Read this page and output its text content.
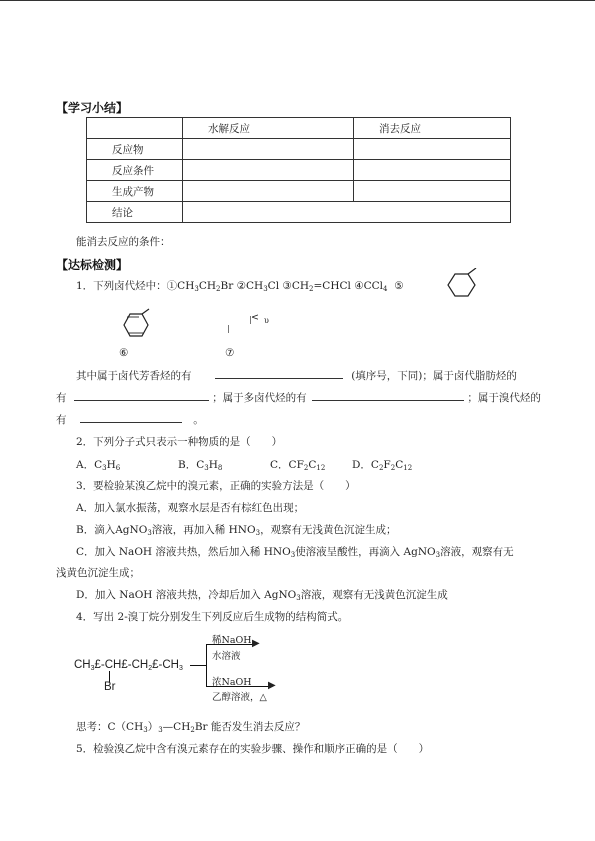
【学习小结】
	水解反应	消去反应
反应物		
反应条件		
生成产物		
结论		
能消去反应的条件：
【达标检测】
1．下列卤代烃中：$①CH_3CH_2Br$ $②CH_3Cl$ $③CH_2=CHCl$ ④CCl$_4$ ⑤
⑥
< υ
⑦
其中属于卤代芳香烃的有	(填序号，下同)；属于卤代脂肪烃的
有	；属于多卤代烃的有	；属于溴代烃的
有	。
2．下列分子式只表示一种物质的是（　　）
A．$C_3H_6$	B．$C_3H_8$	C．$CF_2C_{12}$	D．$C_2F_2C_{12}$
3．要检验某溴乙烷中的溴元素，正确的实验方法是（　　）
A．加入氯水振荡，观察水层是否有棕红色出现；
B．滴入AgNO$_3$溶液，再加入稀 $HNO_3$，观察有无浅黄色沉淀生成；
C．加入 NaOH 溶液共热，然后加入稀 $HNO_3$使溶液呈酸性，再滴入 AgNO$_3$溶液，观察有无
浅黄色沉淀生成；
D．加入 NaOH 溶液共热，冷却后加入 AgNO$_3$溶液，观察有无浅黄色沉淀生成
4．写出 2-溴丁烷分别发生下列反应后生成物的结构简式。
$CH_3£-CH£-CH_2£-CH_3$
Br
▶
▶
稀NaOH
水溶液
浓NaOH
乙醇溶液，△
思考：$C(CH_3)_3—CH_2Br$ 能否发生消去反应？
5．检验溴乙烷中含有溴元素存在的实验步骤、操作和顺序正确的是（　　）
